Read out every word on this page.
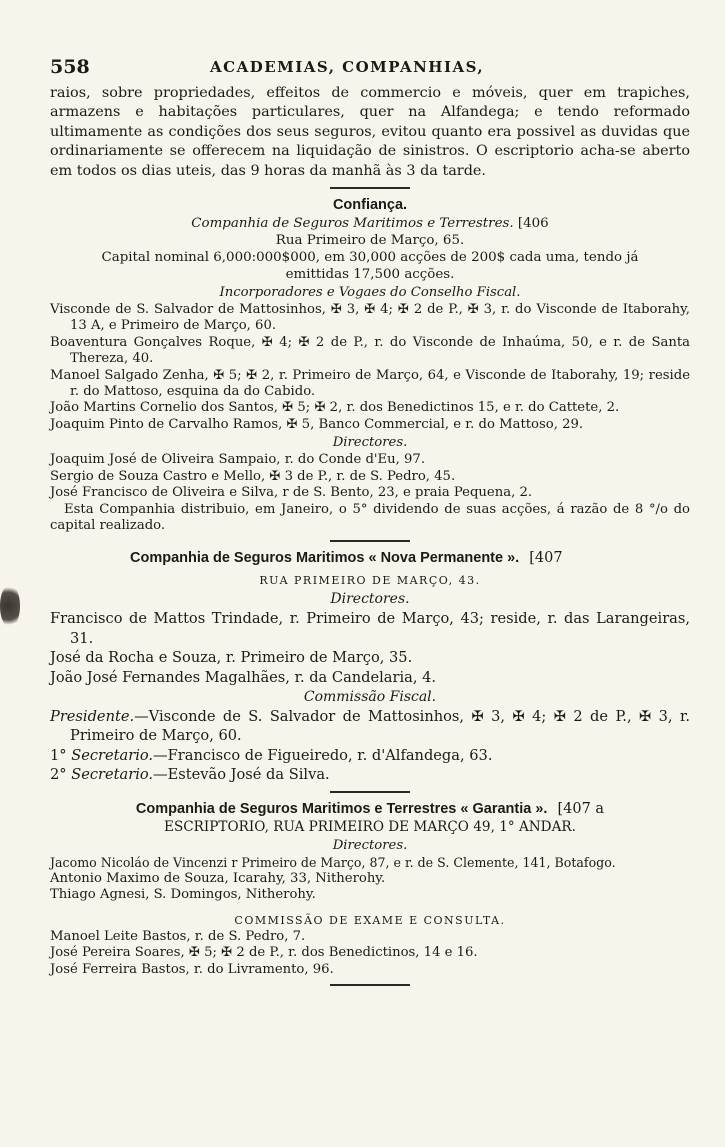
558	ACADEMIAS, COMPANHIAS,
raios, sobre propriedades, effeitos de commercio e móveis, quer em trapiches, armazens e habitações particulares, quer na Alfandega; e tendo reformado ultimamente as condições dos seus seguros, evitou quanto era possivel as duvidas que ordinariamente se offerecem na liquidação de sinistros. O escriptorio acha-se aberto em todos os dias uteis, das 9 horas da manhã às 3 da tarde.
Confiança.
Companhia de Seguros Maritimos e Terrestres. [406
Rua Primeiro de Março, 65.
Capital nominal 6,000:000$000, em 30,000 acções de 200$ cada uma, tendo já emittidas 17,500 acções.
Incorporadores e Vogaes do Conselho Fiscal.
Visconde de S. Salvador de Mattosinhos, ✠ 3, ✠ 4; ✠ 2 de P., ✠ 3, r. do Visconde de Itaborahy, 13 A, e Primeiro de Março, 60.
Boaventura Gonçalves Roque, ✠ 4; ✠ 2 de P., r. do Visconde de Inhaúma, 50, e r. de Santa Thereza, 40.
Manoel Salgado Zenha, ✠ 5; ✠ 2, r. Primeiro de Março, 64, e Visconde de Itaborahy, 19; reside r. do Mattoso, esquina da do Cabido.
João Martins Cornelio dos Santos, ✠ 5; ✠ 2, r. dos Benedictinos 15, e r. do Cattete, 2.
Joaquim Pinto de Carvalho Ramos, ✠ 5, Banco Commercial, e r. do Mattoso, 29.
Directores.
Joaquim José de Oliveira Sampaio, r. do Conde d'Eu, 97.
Sergio de Souza Castro e Mello, ✠ 3 de P., r. de S. Pedro, 45.
José Francisco de Oliveira e Silva, r de S. Bento, 23, e praia Pequena, 2.
Esta Companhia distribuio, em Janeiro, o 5° dividendo de suas acções, á razão de 8 °/o do capital realizado.
Companhia de Seguros Maritimos « Nova Permanente ». [407
RUA PRIMEIRO DE MARÇO, 43.
Directores.
Francisco de Mattos Trindade, r. Primeiro de Março, 43; reside, r. das Larangeiras, 31.
José da Rocha e Souza, r. Primeiro de Março, 35.
João José Fernandes Magalhães, r. da Candelaria, 4.
Commissão Fiscal.
Presidente.—Visconde de S. Salvador de Mattosinhos, ✠ 3, ✠ 4; ✠ 2 de P., ✠ 3, r. Primeiro de Março, 60.
1° Secretario.—Francisco de Figueiredo, r. d'Alfandega, 63.
2° Secretario.—Estevão José da Silva.
Companhia de Seguros Maritimos e Terrestres « Garantia ». [407 a
ESCRIPTORIO, RUA PRIMEIRO DE MARÇO 49, 1° ANDAR.
Directores.
Jacomo Nicoláo de Vincenzi r Primeiro de Março, 87, e r. de S. Clemente, 141, Botafogo.
Antonio Maximo de Souza, Icarahy, 33, Nitherohy.
Thiago Agnesi, S. Domingos, Nitherohy.
COMMISSÃO DE EXAME E CONSULTA.
Manoel Leite Bastos, r. de S. Pedro, 7.
José Pereira Soares, ✠ 5; ✠ 2 de P., r. dos Benedictinos, 14 e 16.
José Ferreira Bastos, r. do Livramento, 96.
